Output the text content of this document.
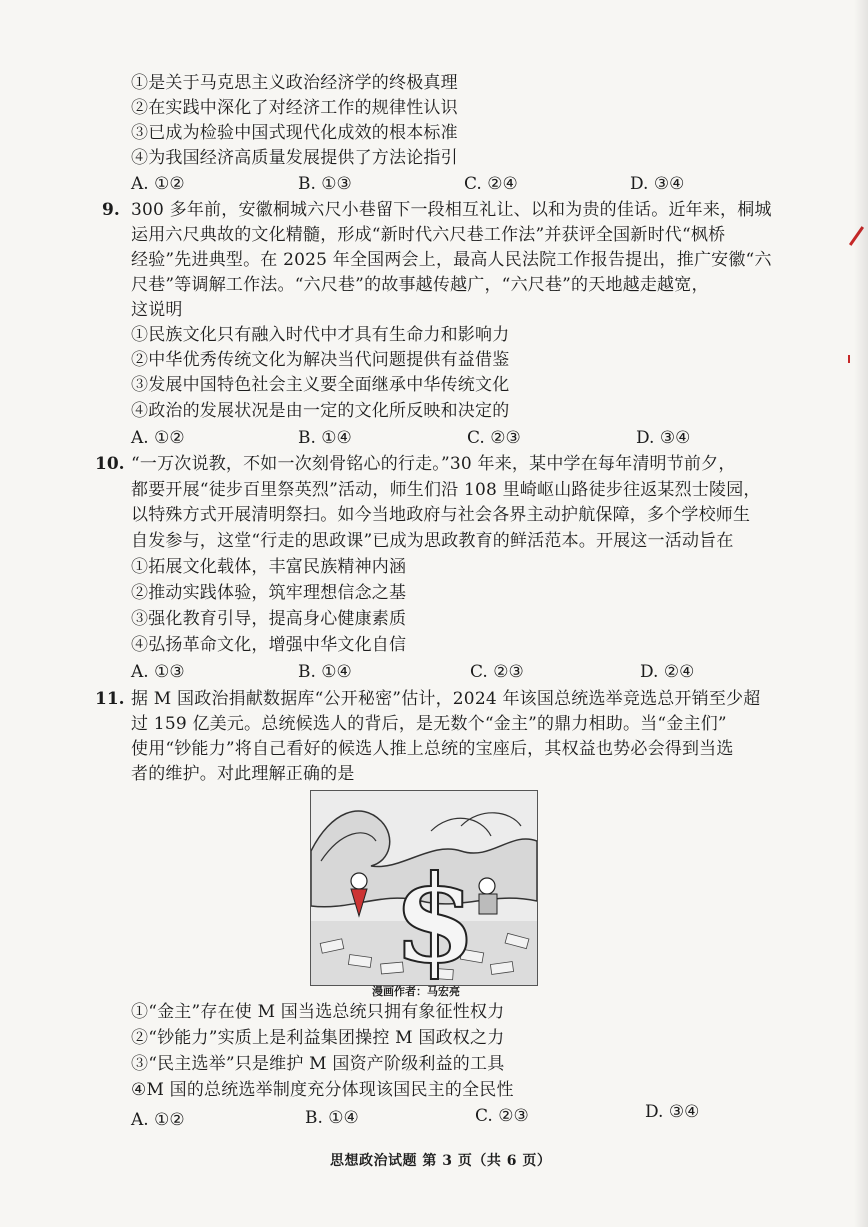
①是关于马克思主义政治经济学的终极真理
②在实践中深化了对经济工作的规律性认识
③已成为检验中国式现代化成效的根本标准
④为我国经济高质量发展提供了方法论指引
A. ①②	B. ①③	C. ②④	D. ③④
9. 300 多年前，安徽桐城六尺小巷留下一段相互礼让、以和为贵的佳话。近年来，桐城
运用六尺典故的文化精髓，形成“新时代六尺巷工作法”并获评全国新时代“枫桥
经验”先进典型。在 2025 年全国两会上，最高人民法院工作报告提出，推广安徽“六
尺巷”等调解工作法。“六尺巷”的故事越传越广，“六尺巷”的天地越走越宽，
这说明
①民族文化只有融入时代中才具有生命力和影响力
②中华优秀传统文化为解决当代问题提供有益借鉴
③发展中国特色社会主义要全面继承中华传统文化
④政治的发展状况是由一定的文化所反映和决定的
A. ①②	B. ①④	C. ②③	D. ③④
10. “一万次说教，不如一次刻骨铭心的行走。”30 年来，某中学在每年清明节前夕，
都要开展“徒步百里祭英烈”活动，师生们沿 108 里崎岖山路徒步往返某烈士陵园，
以特殊方式开展清明祭扫。如今当地政府与社会各界主动护航保障，多个学校师生
自发参与，这堂“行走的思政课”已成为思政教育的鲜活范本。开展这一活动旨在
①拓展文化载体，丰富民族精神内涵
②推动实践体验，筑牢理想信念之基
③强化教育引导，提高身心健康素质
④弘扬革命文化，增强中华文化自信
A. ①③	B. ①④	C. ②③	D. ②④
11. 据 M 国政治捐献数据库“公开秘密”估计，2024 年该国总统选举竞选总开销至少超
过 159 亿美元。总统候选人的背后，是无数个“金主”的鼎力相助。当“金主们”
使用“钞能力”将自己看好的候选人推上总统的宝座后，其权益也势必会得到当选
者的维护。对此理解正确的是
$
漫画作者：马宏亮
①“金主”存在使 M 国当选总统只拥有象征性权力
②“钞能力”实质上是利益集团操控 M 国政权之力
③“民主选举”只是维护 M 国资产阶级利益的工具
④M 国的总统选举制度充分体现该国民主的全民性
A. ①②	B. ①④	C. ②③	D. ③④
思想政治试题 第 3 页（共 6 页）
